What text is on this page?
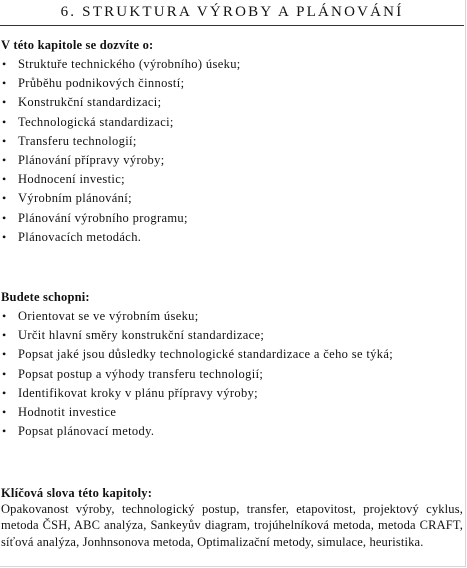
6. STRUKTURA VÝROBY A PLÁNOVÁNÍ
V této kapitole se dozvíte o:
• Struktuře technického (výrobního) úseku;
• Průběhu podnikových činností;
• Konstrukční standardizaci;
• Technologická standardizaci;
• Transferu technologií;
• Plánování přípravy výroby;
• Hodnocení investic;
• Výrobním plánování;
• Plánování výrobního programu;
• Plánovacích metodách.
Budete schopni:
• Orientovat se ve výrobním úseku;
• Určit hlavní směry konstrukční standardizace;
• Popsat jaké jsou důsledky technologické standardizace a čeho se týká;
• Popsat postup a výhody transferu technologií;
• Identifikovat kroky v plánu přípravy výroby;
• Hodnotit investice
• Popsat plánovací metody.
Klíčová slova této kapitoly:
Opakovanost výroby, technologický postup, transfer, etapovitost, projektový cyklus, metoda ČSH, ABC analýza, Sankeyův diagram, trojúhelníková metoda, metoda CRAFT, síťová analýza, Jonhnsonova metoda, Optimalizační metody, simulace, heuristika.
